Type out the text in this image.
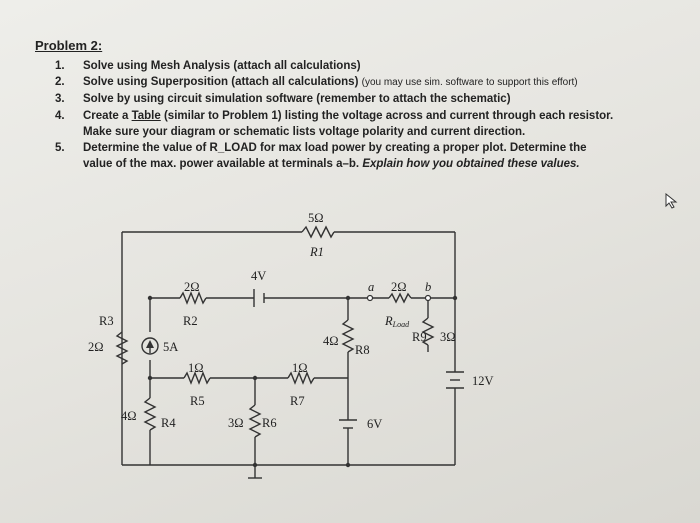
Problem 2:
1.	Solve using Mesh Analysis (attach all calculations)
2.	Solve using Superposition (attach all calculations) (you may use sim. software to support this effort)
3.	Solve by using circuit simulation software (remember to attach the schematic)
4.	Create a Table (similar to Problem 1) listing the voltage across and current through each resistor.
Make sure your diagram or schematic lists voltage polarity and current direction.
5.	Determine the value of R_LOAD for max load power by creating a proper plot. Determine the
value of the max. power available at terminals a–b. Explain how you obtained these values.
5Ω
R1
2Ω
R2
4V
R3
2Ω	5A
1Ω
R5
1Ω
R7
4Ω R4	3Ω R6
4Ω
R8
a 2Ω b
RLoad
R9 3Ω
12V
6V
